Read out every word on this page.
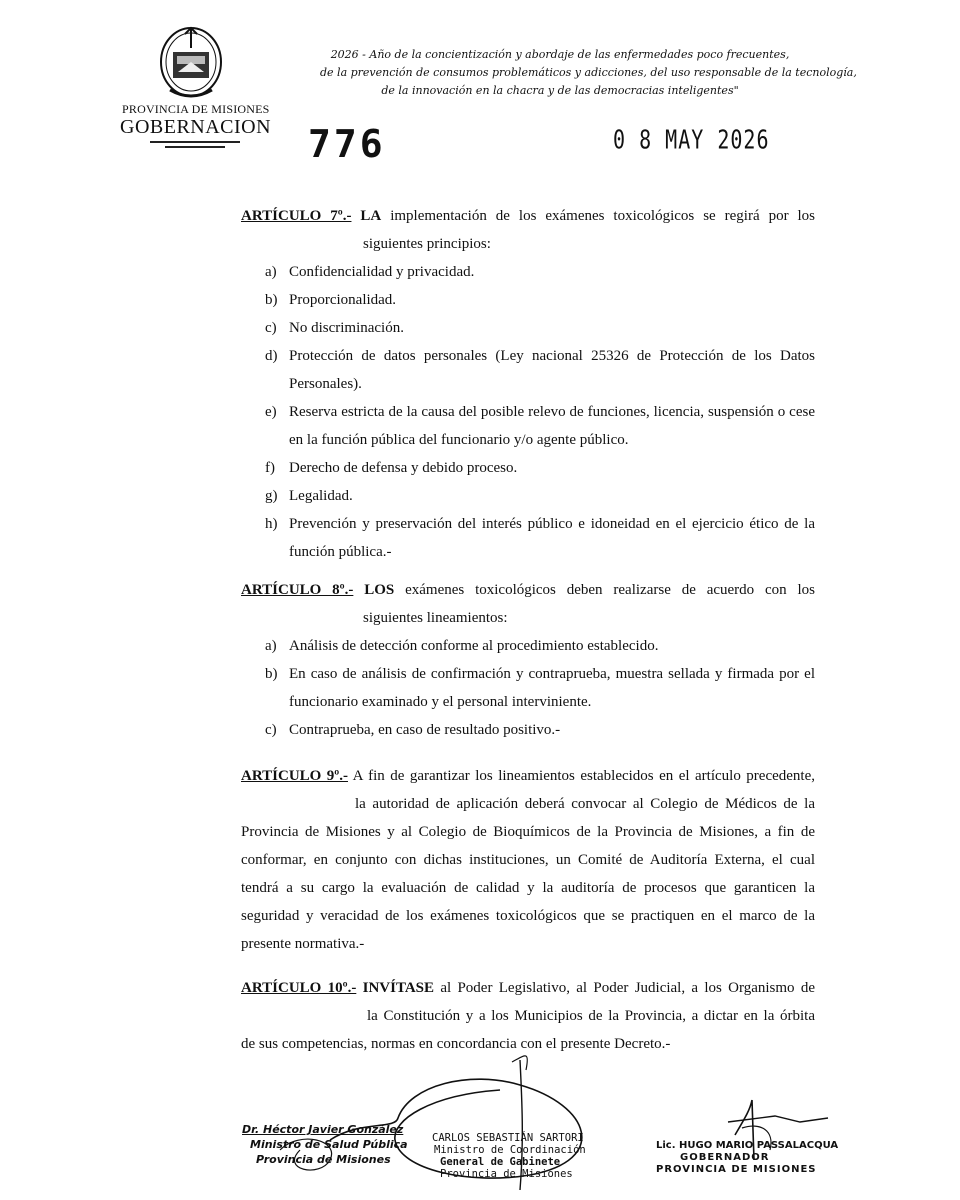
PROVINCIA DE MISIONES
GOBERNACION
2026 - Año de la concientización y abordaje de las enfermedades poco frecuentes,
de la prevención de consumos problemáticos y adicciones, del uso responsable de la tecnología,
de la innovación en la chacra y de las democracias inteligentes"
776	0 8 MAY 2026
ARTÍCULO 7º.- LA implementación de los exámenes toxicológicos se regirá por los
siguientes principios:
a) Confidencialidad y privacidad.
b) Proporcionalidad.
c) No discriminación.
d) Protección de datos personales (Ley nacional 25326 de Protección de los Datos Personales).
e) Reserva estricta de la causa del posible relevo de funciones, licencia, suspensión o cese en la función pública del funcionario y/o agente público.
f) Derecho de defensa y debido proceso.
g) Legalidad.
h) Prevención y preservación del interés público e idoneidad en el ejercicio ético de la función pública.-
ARTÍCULO 8º.- LOS exámenes toxicológicos deben realizarse de acuerdo con los
siguientes lineamientos:
a) Análisis de detección conforme al procedimiento establecido.
b) En caso de análisis de confirmación y contraprueba, muestra sellada y firmada por el funcionario examinado y el personal interviniente.
c) Contraprueba, en caso de resultado positivo.-
ARTÍCULO 9º.- A fin de garantizar los lineamientos establecidos en el artículo precedente,
la autoridad de aplicación deberá convocar al Colegio de Médicos de la
Provincia de Misiones y al Colegio de Bioquímicos de la Provincia de Misiones, a fin de conformar, en conjunto con dichas instituciones, un Comité de Auditoría Externa, el cual tendrá a su cargo la evaluación de calidad y la auditoría de procesos que garanticen la seguridad y veracidad de los exámenes toxicológicos que se practiquen en el marco de la presente normativa.-
ARTÍCULO 10º.- INVÍTASE al Poder Legislativo, al Poder Judicial, a los Organismo de
la Constitución y a los Municipios de la Provincia, a dictar en la órbita
de sus competencias, normas en concordancia con el presente Decreto.-
Dr. Héctor Javier González
Ministro de Salud Pública
Provincia de Misiones
CARLOS SEBASTIÁN SARTORI
Ministro de Coordinación
General de Gabinete
Provincia de Misiones
Lic. HUGO MARIO PASSALACQUA
GOBERNADOR
PROVINCIA DE MISIONES
